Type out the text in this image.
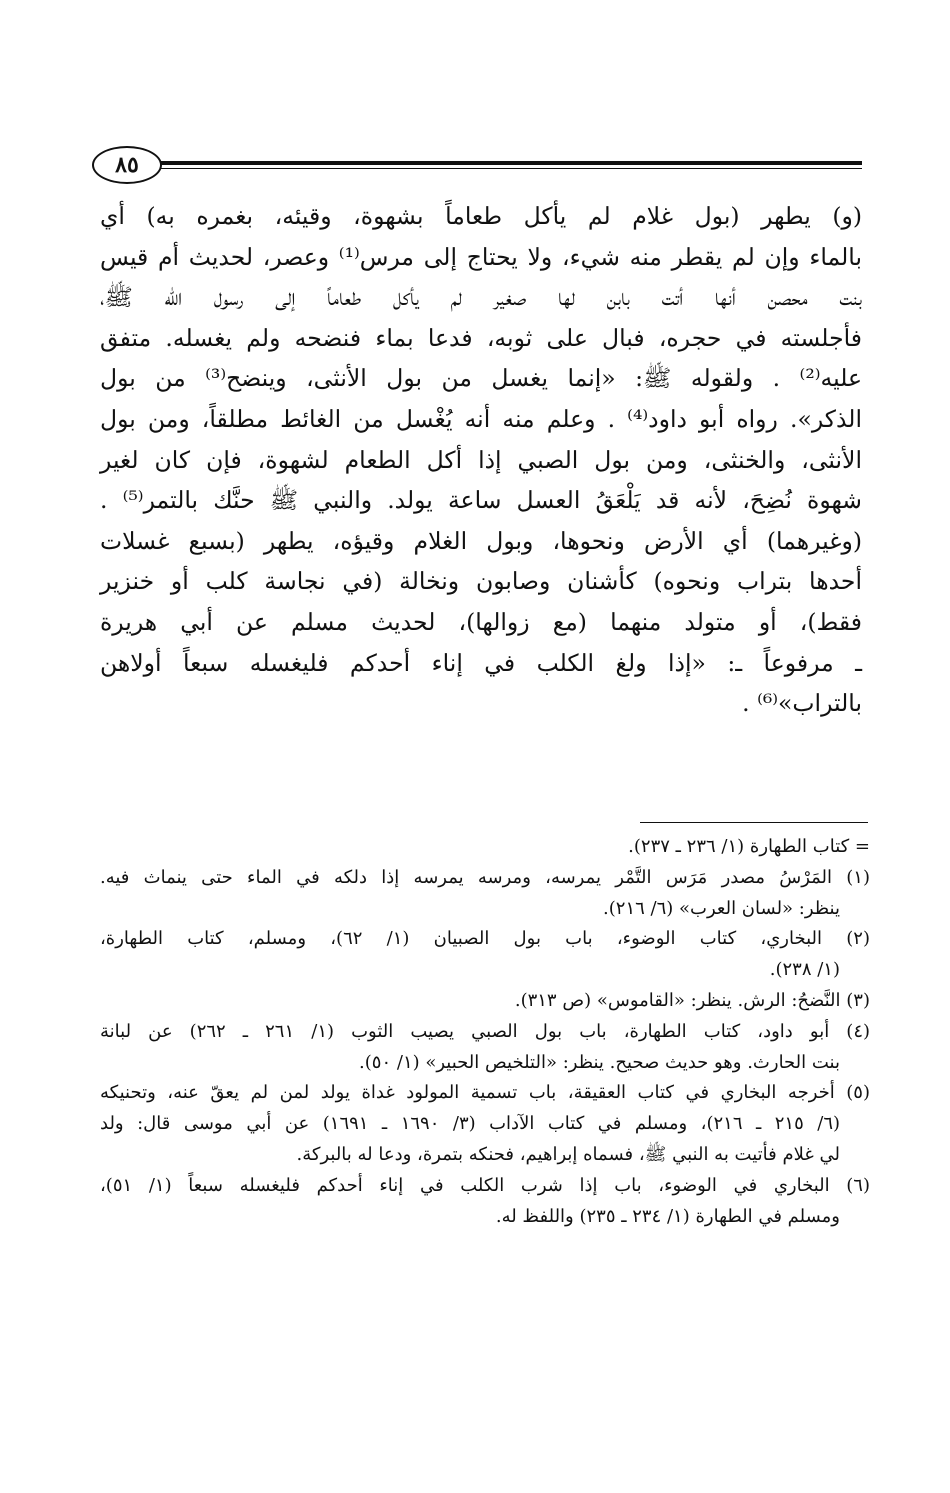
٨٥
(و) يطهر (بول غلام لم يأكل طعاماً بشهوة، وقيئه، بغمره به) أي
بالماء وإن لم يقطر منه شيء، ولا يحتاج إلى مرس⁽¹⁾ وعصر، لحديث أم قيس
بنت محصن أنها أتت بابن لها صغير لم يأكل طعاماً إلى رسول الله ﷺ،
فأجلسته في حجره، فبال على ثوبه، فدعا بماء فنضحه ولم يغسله. متفق
عليه⁽²⁾ . ولقوله ﷺ: «إنما يغسل من بول الأنثى، وينضح⁽³⁾ من بول
الذكر». رواه أبو داود⁽⁴⁾ . وعلم منه أنه يُغْسل من الغائط مطلقاً، ومن بول
الأنثى، والخنثى، ومن بول الصبي إذا أكل الطعام لشهوة، فإن كان لغير
شهوة نُضِحَ، لأنه قد يَلْعَقُ العسل ساعة يولد. والنبي ﷺ حنَّك بالتمر⁽⁵⁾ .
(وغيرهما) أي الأرض ونحوها، وبول الغلام وقيؤه، يطهر (بسبع غسلات
أحدها بتراب ونحوه) كأشنان وصابون ونخالة (في نجاسة كلب أو خنزير
فقط)، أو متولد منهما (مع زوالها)، لحديث مسلم عن أبي هريرة
ـ مرفوعاً ـ: «إذا ولغ الكلب في إناء أحدكم فليغسله سبعاً أولاهن
بالتراب»⁽⁶⁾ .
= كتاب الطهارة (١/ ٢٣٦ ـ ٢٣٧).
(١) المَرْسُ مصدر مَرَس التَّمْر يمرسه، ومرسه يمرسه إذا دلكه في الماء حتى ينماث فيه.
ينظر: «لسان العرب» (٦/ ٢١٦).
(٢) البخاري، كتاب الوضوء، باب بول الصبيان (١/ ٦٢)، ومسلم، كتاب الطهارة،
(١/ ٢٣٨).
(٣) النَّضحُ: الرش. ينظر: «القاموس» (ص ٣١٣).
(٤) أبو داود، كتاب الطهارة، باب بول الصبي يصيب الثوب (١/ ٢٦١ ـ ٢٦٢) عن لبانة
بنت الحارث. وهو حديث صحيح. ينظر: «التلخيص الحبير» (١/ ٥٠).
(٥) أخرجه البخاري في كتاب العقيقة، باب تسمية المولود غداة يولد لمن لم يعقّ عنه، وتحنيكه
(٦/ ٢١٥ ـ ٢١٦)، ومسلم في كتاب الآداب (٣/ ١٦٩٠ ـ ١٦٩١) عن أبي موسى قال: ولد
لي غلام فأتيت به النبي ﷺ، فسماه إبراهيم، فحنكه بتمرة، ودعا له بالبركة.
(٦) البخاري في الوضوء، باب إذا شرب الكلب في إناء أحدكم فليغسله سبعاً (١/ ٥١)،
ومسلم في الطهارة (١/ ٢٣٤ ـ ٢٣٥) واللفظ له.
